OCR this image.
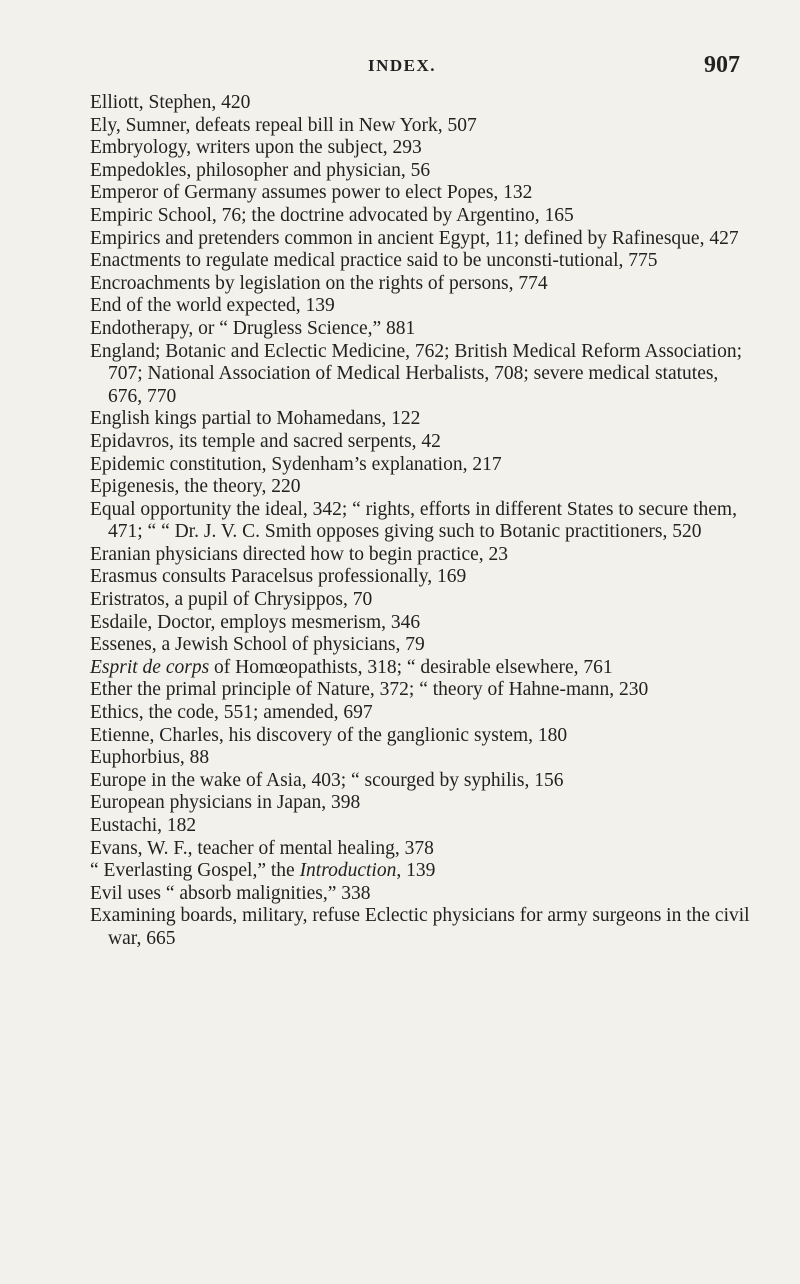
INDEX.	907

Elliott, Stephen, 420

Ely, Sumner, defeats repeal bill in New York, 507

Embryology, writers upon the subject, 293

Empedokles, philosopher and physician, 56

Emperor of Germany assumes power to elect Popes, 132

Empiric School, 76; the doctrine advocated by Argentino, 165

Empirics and pretenders common in ancient Egypt, 11; defined by Rafinesque, 427

Enactments to regulate medical practice said to be unconsti-tutional, 775

Encroachments by legislation on the rights of persons, 774

End of the world expected, 139

Endotherapy, or “ Drugless Science,” 881

England; Botanic and Eclectic Medicine, 762; British Medical Reform Association; 707; National Association of Medical Herbalists, 708; severe medical statutes, 676, 770

English kings partial to Mohamedans, 122

Epidavros, its temple and sacred serpents, 42

Epidemic constitution, Sydenham’s explanation, 217

Epigenesis, the theory, 220

Equal opportunity the ideal, 342; “ rights, efforts in different States to secure them, 471; “ “ Dr. J. V. C. Smith opposes giving such to Botanic practitioners, 520

Eranian physicians directed how to begin practice, 23

Erasmus consults Paracelsus professionally, 169

Eristratos, a pupil of Chrysippos, 70

Esdaile, Doctor, employs mesmerism, 346

Essenes, a Jewish School of physicians, 79

Esprit de corps of Homœopathists, 318; “ desirable elsewhere, 761

Ether the primal principle of Nature, 372; “ theory of Hahne-mann, 230

Ethics, the code, 551; amended, 697

Etienne, Charles, his discovery of the ganglionic system, 180

Euphorbius, 88

Europe in the wake of Asia, 403; “ scourged by syphilis, 156

European physicians in Japan, 398

Eustachi, 182

Evans, W. F., teacher of mental healing, 378

“ Everlasting Gospel,” the Introduction, 139

Evil uses “ absorb malignities,” 338

Examining boards, military, refuse Eclectic physicians for army surgeons in the civil war, 665
